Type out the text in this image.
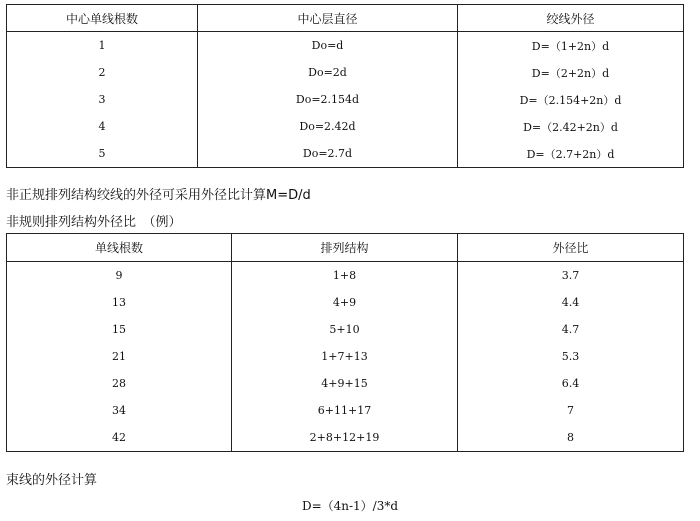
中心单线根数	中心层直径	绞线外径
1	Do=d	D=（1+2n）d
2	Do=2d	D=（2+2n）d
3	Do=2.154d	D=（2.154+2n）d
4	Do=2.42d	D=（2.42+2n）d
5	Do=2.7d	D=（2.7+2n）d
非正规排列结构绞线的外径可采用外径比计算M=D/d
非规则排列结构外径比　（例）
单线根数	排列结构	外径比
9	1+8	3.7
13	4+9	4.4
15	5+10	4.7
21	1+7+13	5.3
28	4+9+15	6.4
34	6+11+17	7
42	2+8+12+19	8
束线的外径计算
D=（4n-1）/3*d
